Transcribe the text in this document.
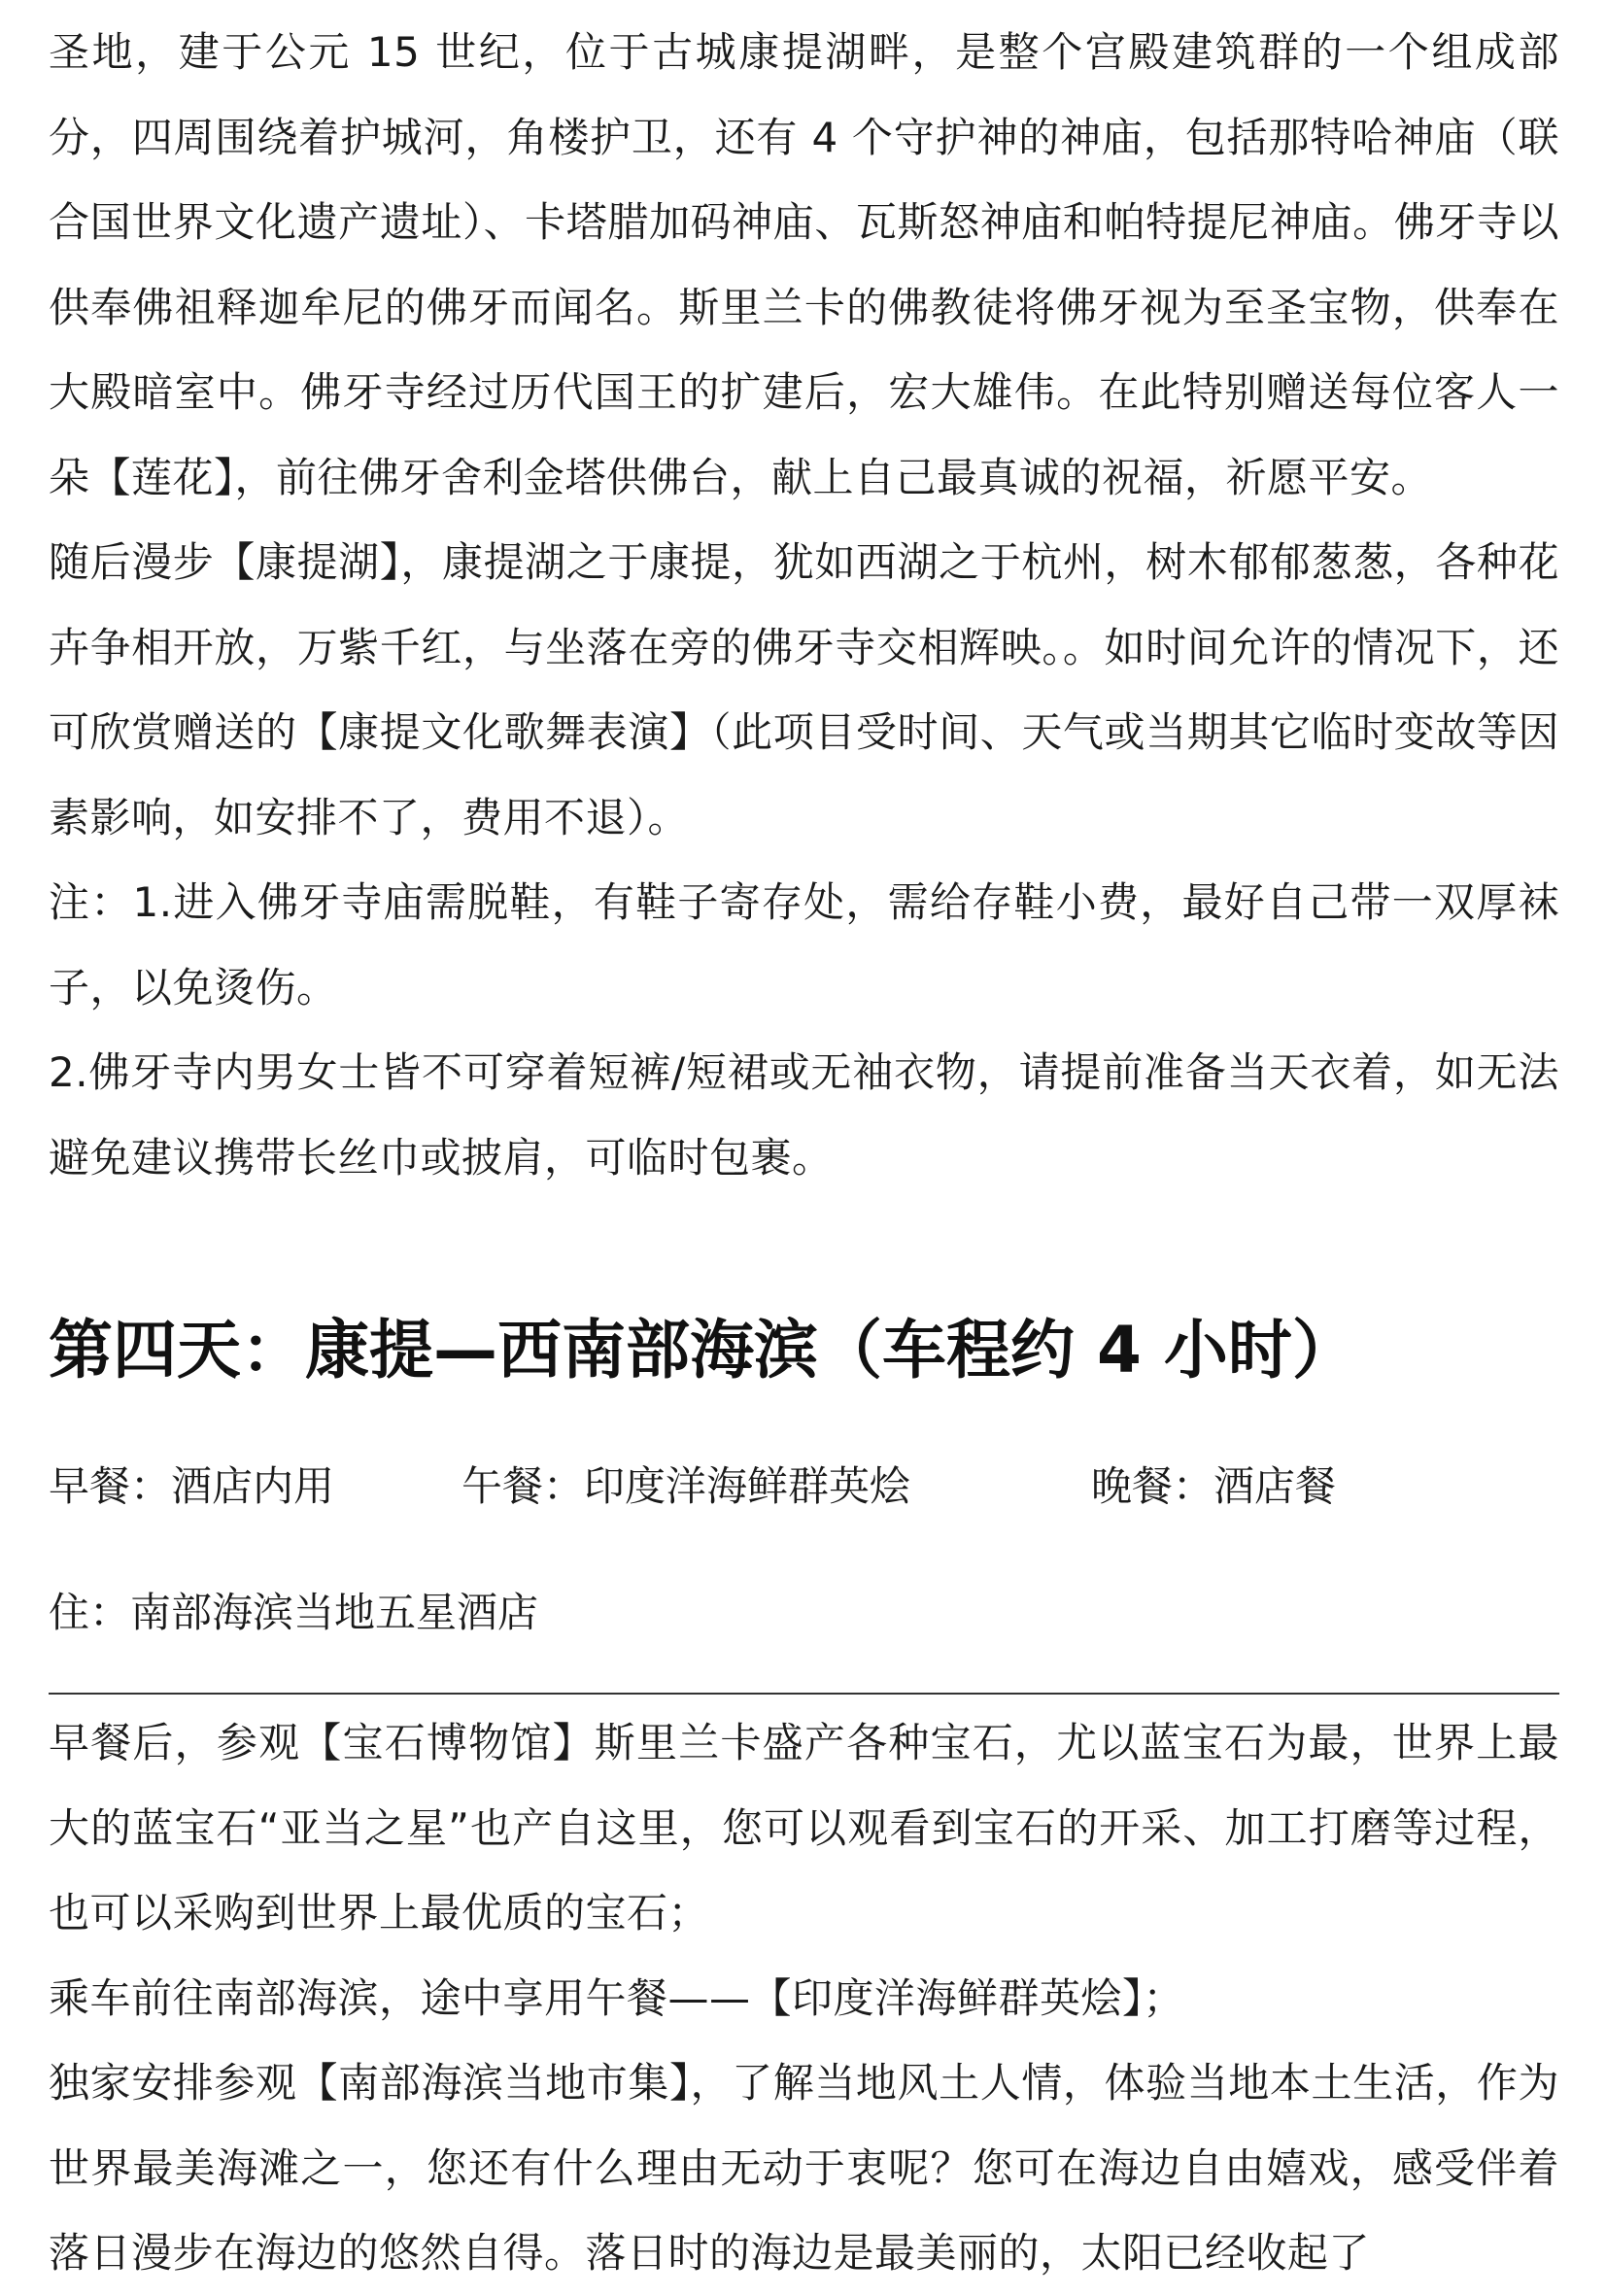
圣地，建于公元 15 世纪，位于古城康提湖畔，是整个宫殿建筑群的一个组成部分，四周围绕着护城河，角楼护卫，还有 4 个守护神的神庙，包括那特哈神庙（联合国世界文化遗产遗址）、卡塔腊加码神庙、瓦斯怒神庙和帕特提尼神庙。佛牙寺以供奉佛祖释迦牟尼的佛牙而闻名。斯里兰卡的佛教徒将佛牙视为至圣宝物，供奉在大殿暗室中。佛牙寺经过历代国王的扩建后，宏大雄伟。在此特别赠送每位客人一朵【莲花】，前往佛牙舍利金塔供佛台，献上自己最真诚的祝福，祈愿平安。

随后漫步【康提湖】，康提湖之于康提，犹如西湖之于杭州，树木郁郁葱葱，各种花卉争相开放，万紫千红，与坐落在旁的佛牙寺交相辉映。。如时间允许的情况下，还可欣赏赠送的【康提文化歌舞表演】（此项目受时间、天气或当期其它临时变故等因素影响，如安排不了，费用不退）。

注：1.进入佛牙寺庙需脱鞋，有鞋子寄存处，需给存鞋小费，最好自己带一双厚袜子，以免烫伤。

2.佛牙寺内男女士皆不可穿着短裤/短裙或无袖衣物，请提前准备当天衣着，如无法避免建议携带长丝巾或披肩，可临时包裹。

第四天：康提—西南部海滨（车程约 4 小时）
早餐：酒店内用	午餐：印度洋海鲜群英烩	晚餐：酒店餐
住：南部海滨当地五星酒店

早餐后，参观【宝石博物馆】斯里兰卡盛产各种宝石，尤以蓝宝石为最，世界上最大的蓝宝石“亚当之星”也产自这里，您可以观看到宝石的开采、加工打磨等过程，也可以采购到世界上最优质的宝石；

乘车前往南部海滨，途中享用午餐——【印度洋海鲜群英烩】；

独家安排参观【南部海滨当地市集】，了解当地风土人情，体验当地本土生活，作为世界最美海滩之一，您还有什么理由无动于衷呢？您可在海边自由嬉戏，感受伴着落日漫步在海边的悠然自得。落日时的海边是最美丽的，太阳已经收起了
